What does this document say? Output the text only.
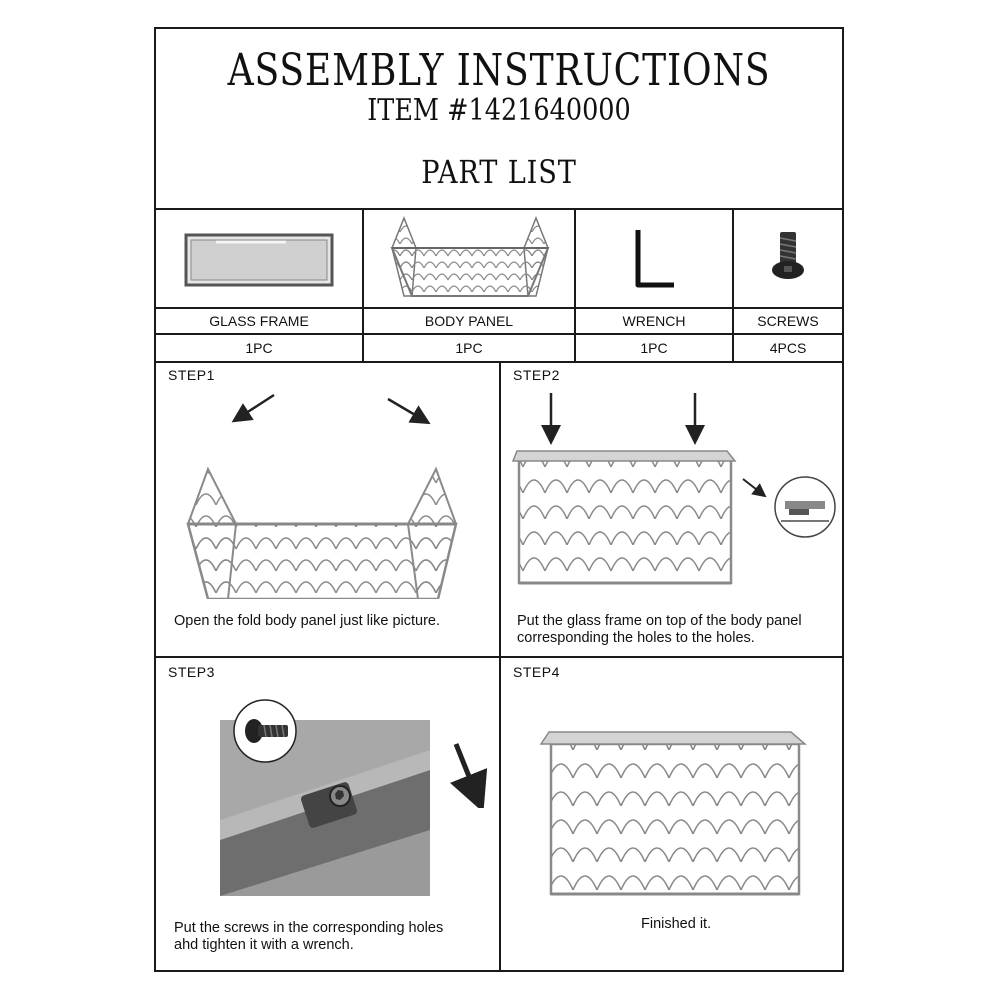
ASSEMBLY INSTRUCTIONS
ITEM #1421640000
PART LIST
GLASS FRAME
1PC
BODY PANEL
1PC
WRENCH
1PC
SCREWS
4PCS
STEP1
Open the fold body panel just like picture.
STEP2
Put the glass frame on top of the body panel
corresponding the holes to the holes.
STEP3
Put the screws in the corresponding holes
ahd tighten it with a wrench.
STEP4
Finished it.
